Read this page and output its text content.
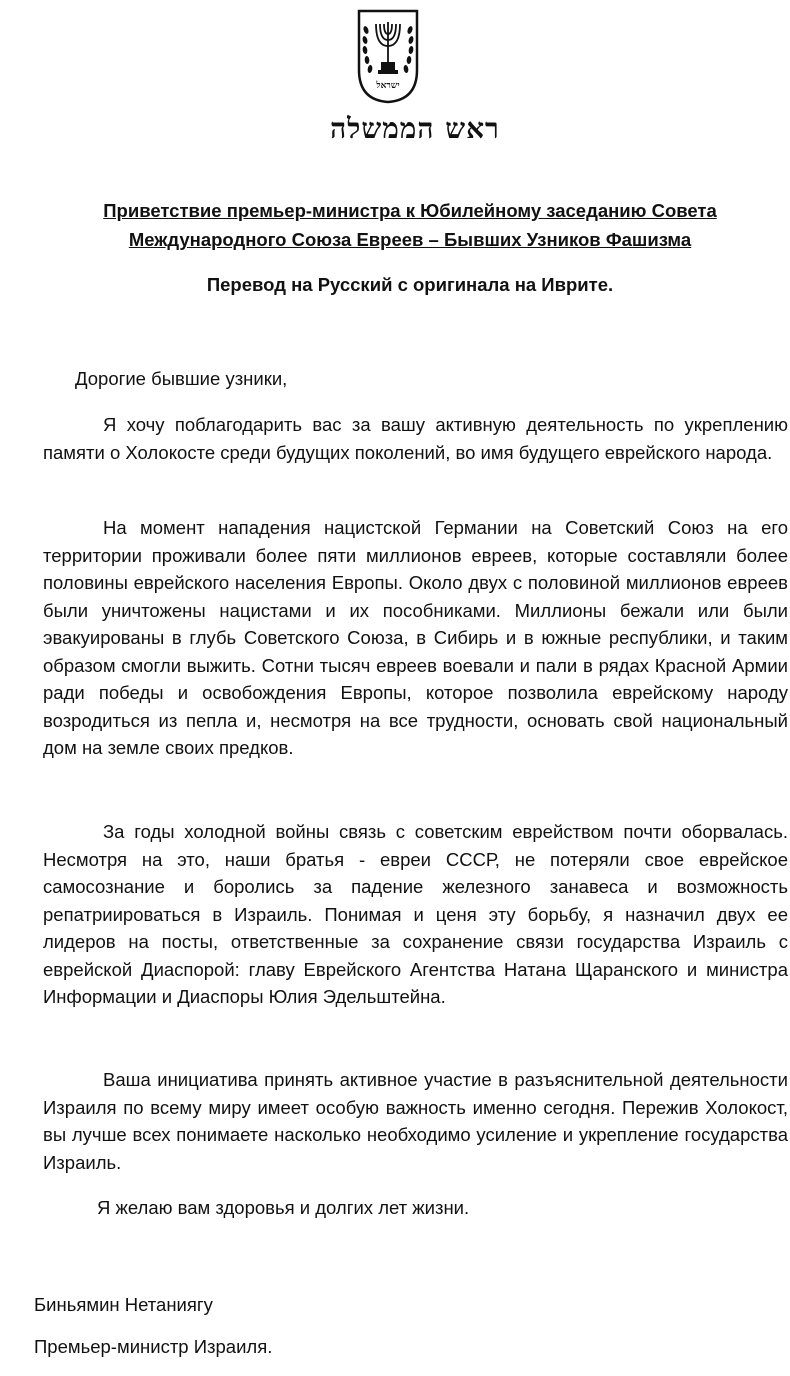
ישראל
ראש הממשלה
Приветствие премьер-министра к Юбилейному заседанию Совета
Международного Союза Евреев – Бывших Узников Фашизма
Перевод на Русский с оригинала на Иврите.
Дорогие бывшие узники,
Я хочу поблагодарить вас за вашу активную деятельность по укреплению памяти о Холокосте среди будущих поколений, во имя будущего еврейского народа.
На момент нападения нацистской Германии на Советский Союз на его территории проживали более пяти миллионов евреев, которые составляли более половины еврейского населения Европы. Около двух с половиной миллионов евреев были уничтожены нацистами и их пособниками. Миллионы бежали или были эвакуированы в глубь Советского Союза, в Сибирь и в южные республики, и таким образом смогли выжить. Сотни тысяч евреев воевали и пали в рядах Красной Армии ради победы и освобождения Европы, которое позволила еврейскому народу возродиться из пепла и, несмотря на все трудности, основать свой национальный дом на земле своих предков.
За годы холодной войны связь с советским еврейством почти оборвалась. Несмотря на это, наши братья - евреи СССР, не потеряли свое еврейское самосознание и боролись за падение железного занавеса и возможность репатриироваться в Израиль. Понимая и ценя эту борьбу, я назначил двух ее лидеров на посты, ответственные за сохранение связи государства Израиль с еврейской Диаспорой: главу Еврейского Агентства Натана Щаранского и министра Информации и Диаспоры Юлия Эдельштейна.
Ваша инициатива принять активное участие в разъяснительной деятельности Израиля по всему миру имеет особую важность именно сегодня. Пережив Холокост, вы лучше всех понимаете насколько необходимо усиление и укрепление государства Израиль.
Я желаю вам здоровья и долгих лет жизни.
Биньямин Нетаниягу
Премьер-министр Израиля.
